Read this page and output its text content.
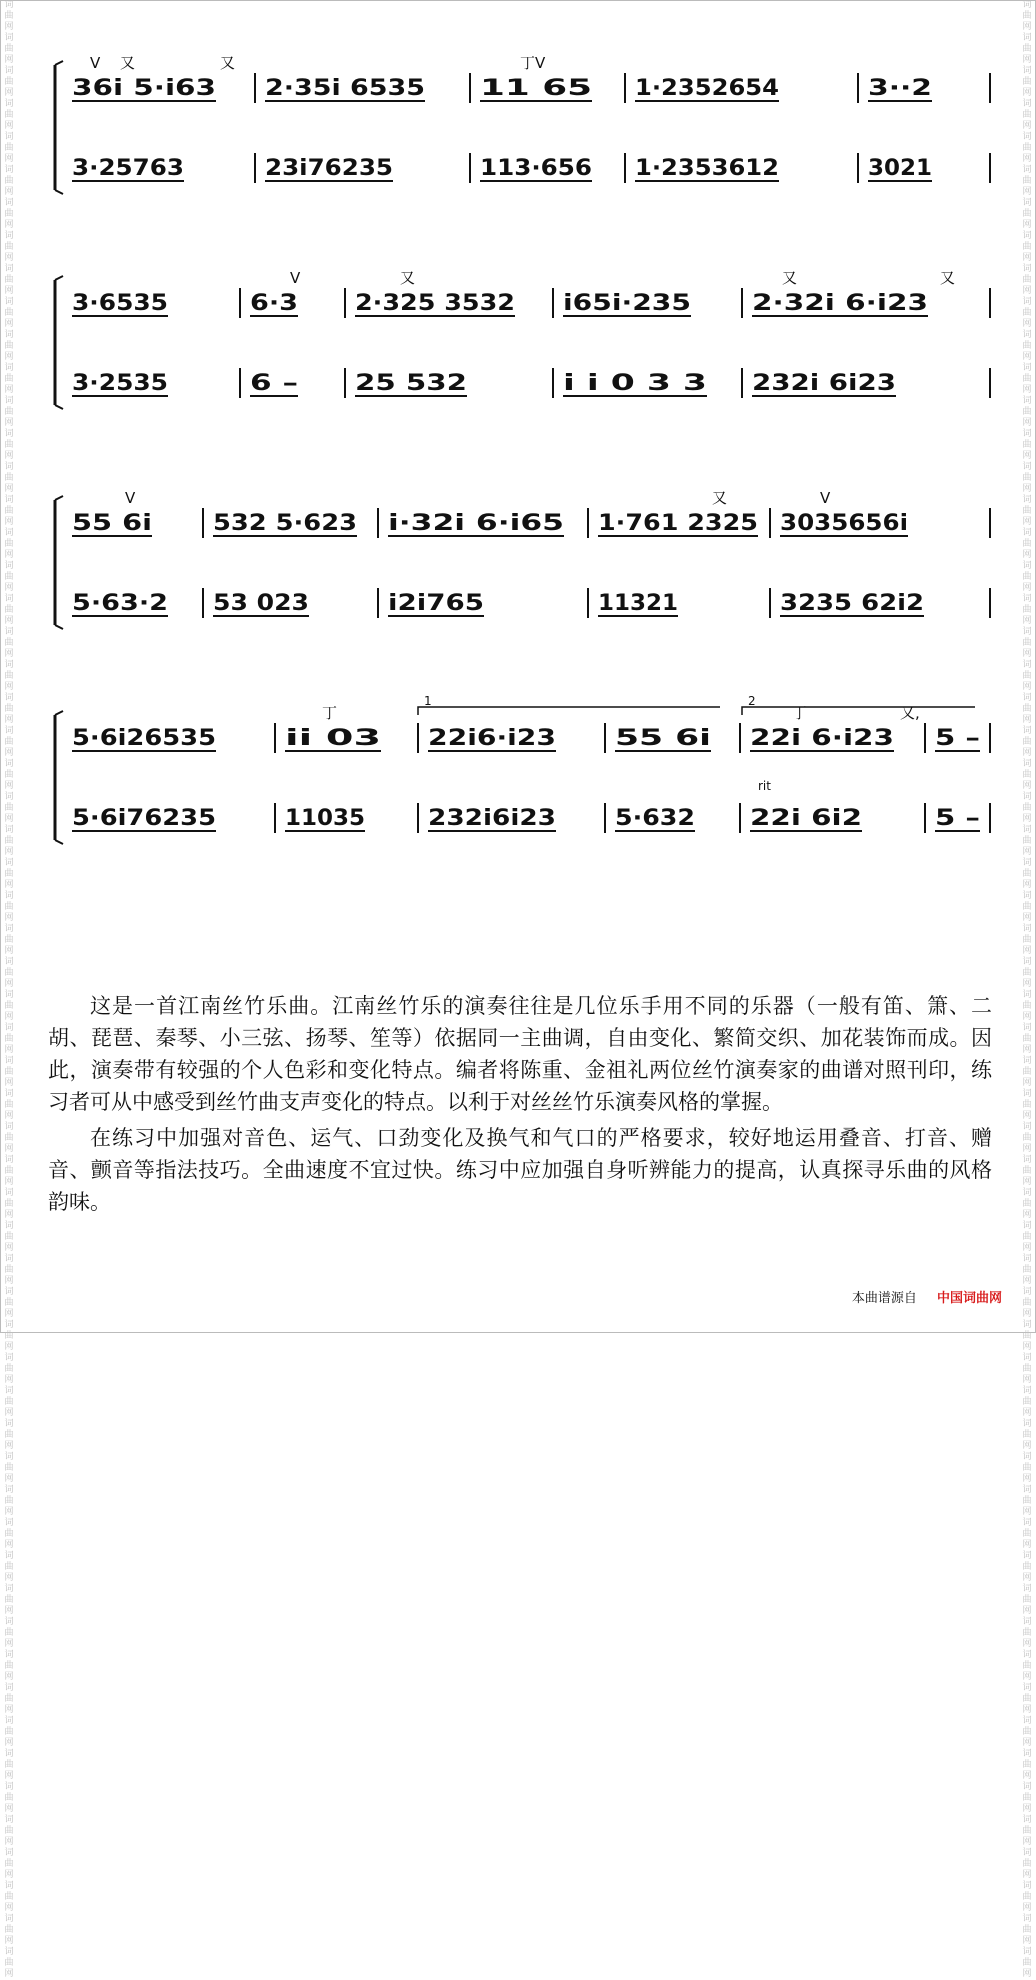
词曲网词曲网词曲网词曲网词曲网词曲网词曲网词曲网词曲网词曲网词曲网词曲网词曲网词曲网词曲网词曲网词曲网词曲网词曲网词曲网词曲网词曲网词曲网词曲网词曲网词曲网词曲网词曲网词曲网词曲网词曲网词曲网词曲网词曲网词曲网词曲网词曲网词曲网词曲网词曲网词曲网词曲网词曲网词曲网词曲网词曲网词曲网词曲网词曲网词曲网词曲网词曲网词曲网词曲网词曲网词曲网词曲网词曲网词曲网词曲网
词曲网词曲网词曲网词曲网词曲网词曲网词曲网词曲网词曲网词曲网词曲网词曲网词曲网词曲网词曲网词曲网词曲网词曲网词曲网词曲网词曲网词曲网词曲网词曲网词曲网词曲网词曲网词曲网词曲网词曲网词曲网词曲网词曲网词曲网词曲网词曲网词曲网词曲网词曲网词曲网词曲网词曲网词曲网词曲网词曲网词曲网词曲网词曲网词曲网词曲网词曲网词曲网词曲网词曲网词曲网词曲网词曲网词曲网词曲网词曲网
36i 5·i63
3·25763
2·35i 6535
23i76235
11 65
113·656
1·2352654
1·2353612
3··2
3021
V 又	又	丁V
3·6535
3·2535
6·3
6 –
2·325 3532
25 532
i65i·235
i i 0 3 3
2·32i 6·i23
232i 6i23
V	又	又	又
55 6i
5·63·2
532 5·623
53 023
i·32i 6·i65
i2i765
1·761 2325
11321
3035656i
3235 62i2
V	又	V
5·6i26535
5·6i76235
ii 03
11035
22i6·i23
232i6i23
55 6i
5·632
22i 6·i23
22i 6i2
5 –
5 –
丁	丁	又,
1	2
rit

这是一首江南丝竹乐曲。江南丝竹乐的演奏往往是几位乐手用不同的乐器（一般有笛、箫、二胡、琵琶、秦琴、小三弦、扬琴、笙等）依据同一主曲调，自由变化、繁简交织、加花装饰而成。因此，演奏带有较强的个人色彩和变化特点。编者将陈重、金祖礼两位丝竹演奏家的曲谱对照刊印，练习者可从中感受到丝竹曲支声变化的特点。以利于对丝丝竹乐演奏风格的掌握。

在练习中加强对音色、运气、口劲变化及换气和气口的严格要求，较好地运用叠音、打音、赠音、颤音等指法技巧。全曲速度不宜过快。练习中应加强自身听辨能力的提高，认真探寻乐曲的风格韵味。

本曲谱源自 中国词曲网
